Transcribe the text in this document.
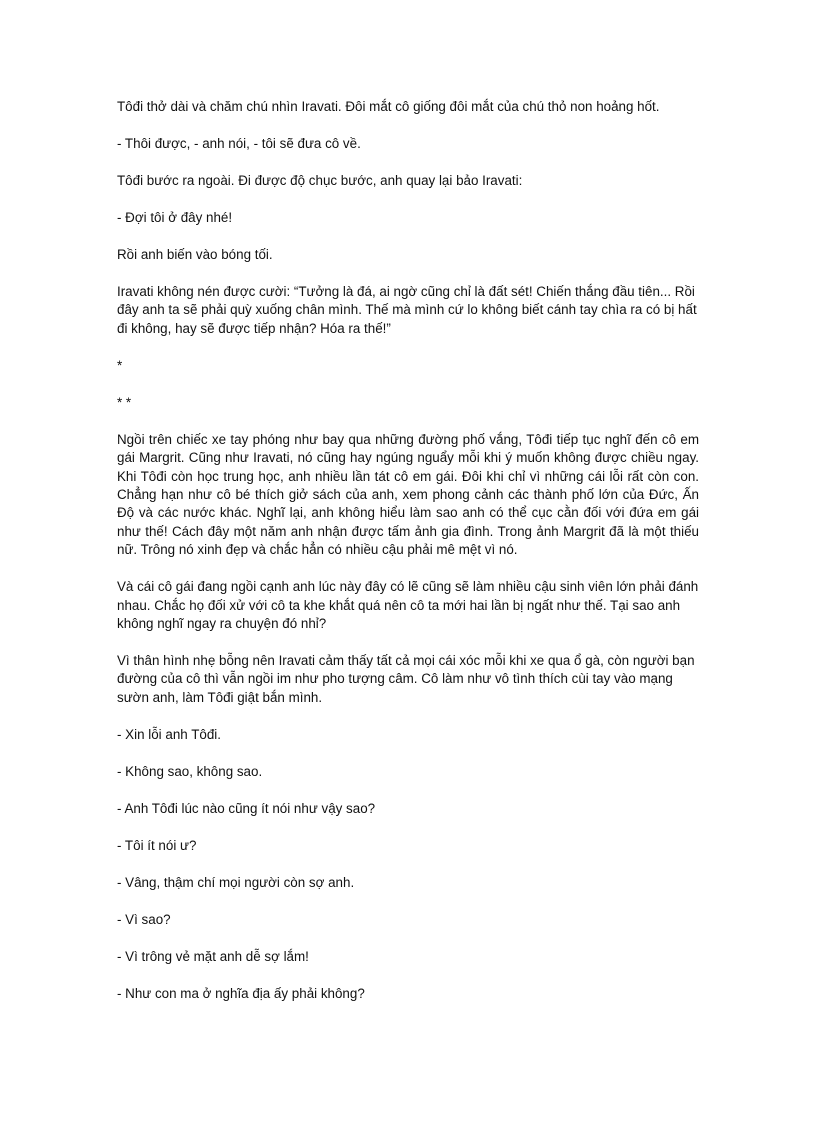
Tôđi thở dài và chăm chú nhìn Iravati. Đôi mắt cô giống đôi mắt của chú thỏ non hoảng hốt.

- Thôi được, - anh nói, - tôi sẽ đưa cô về.

Tôđi bước ra ngoài. Đi được độ chục bước, anh quay lại bảo Iravati:

- Đợi tôi ở đây nhé!

Rồi anh biến vào bóng tối.

Iravati không nén được cười: “Tưởng là đá, ai ngờ cũng chỉ là đất sét! Chiến thắng đầu tiên... Rồi đây anh ta sẽ phải quỳ xuống chân mình. Thế mà mình cứ lo không biết cánh tay chìa ra có bị hất đi không, hay sẽ được tiếp nhận? Hóa ra thế!”

*

* *

Ngồi trên chiếc xe tay phóng như bay qua những đường phố vắng, Tôđi tiếp tục nghĩ đến cô em gái Margrit. Cũng như Iravati, nó cũng hay ngúng nguẩy mỗi khi ý muốn không được chiều ngay. Khi Tôđi còn học trung học, anh nhiều lần tát cô em gái. Đôi khi chỉ vì những cái lỗi rất còn con. Chẳng hạn như cô bé thích giở sách của anh, xem phong cảnh các thành phố lớn của Đức, Ấn Độ và các nước khác. Nghĩ lại, anh không hiểu làm sao anh có thể cục cằn đối với đứa em gái như thế! Cách đây một năm anh nhận được tấm ảnh gia đình. Trong ảnh Margrit đã là một thiếu nữ. Trông nó xinh đẹp và chắc hẳn có nhiều cậu phải mê mệt vì nó.

Và cái cô gái đang ngồi cạnh anh lúc này đây có lẽ cũng sẽ làm nhiều cậu sinh viên lớn phải đánh nhau. Chắc họ đối xử với cô ta khe khắt quá nên cô ta mới hai lần bị ngất như thế. Tại sao anh không nghĩ ngay ra chuyện đó nhỉ?

Vì thân hình nhẹ bỗng nên Iravati cảm thấy tất cả mọi cái xóc mỗi khi xe qua ổ gà, còn người bạn đường của cô thì vẫn ngồi im như pho tượng câm. Cô làm như vô tình thích cùi tay vào mạng sườn anh, làm Tôđi giật bắn mình.

- Xin lỗi anh Tôđi.

- Không sao, không sao.

- Anh Tôđi lúc nào cũng ít nói như vậy sao?

- Tôi ít nói ư?

- Vâng, thậm chí mọi người còn sợ anh.

- Vì sao?

- Vì trông vẻ mặt anh dễ sợ lắm!

- Như con ma ở nghĩa địa ấy phải không?
